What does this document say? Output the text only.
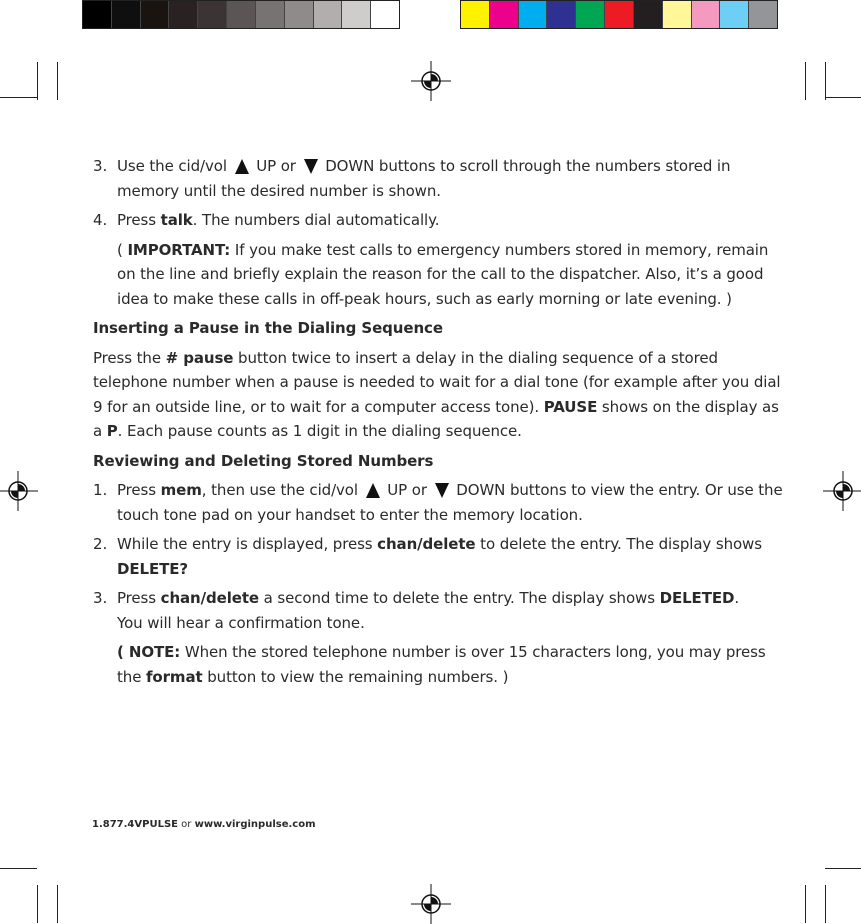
3. Use the cid/vol UP or DOWN buttons to scroll through the numbers stored in memory until the desired number is shown.
4. Press talk. The numbers dial automatically.
( IMPORTANT: If you make test calls to emergency numbers stored in memory, remain on the line and briefly explain the reason for the call to the dispatcher. Also, it’s a good idea to make these calls in off-peak hours, such as early morning or late evening. )
Inserting a Pause in the Dialing Sequence
Press the # pause button twice to insert a delay in the dialing sequence of a stored telephone number when a pause is needed to wait for a dial tone (for example after you dial 9 for an outside line, or to wait for a computer access tone). PAUSE shows on the display as a P. Each pause counts as 1 digit in the dialing sequence.
Reviewing and Deleting Stored Numbers
1. Press mem, then use the cid/vol UP or DOWN buttons to view the entry. Or use the touch tone pad on your handset to enter the memory location.
2. While the entry is displayed, press chan/delete to delete the entry. The display shows DELETE?
3. Press chan/delete a second time to delete the entry. The display shows DELETED.
You will hear a confirmation tone.
( NOTE: When the stored telephone number is over 15 characters long, you may press the format button to view the remaining numbers. )
1.877.4VPULSE or www.virginpulse.com
